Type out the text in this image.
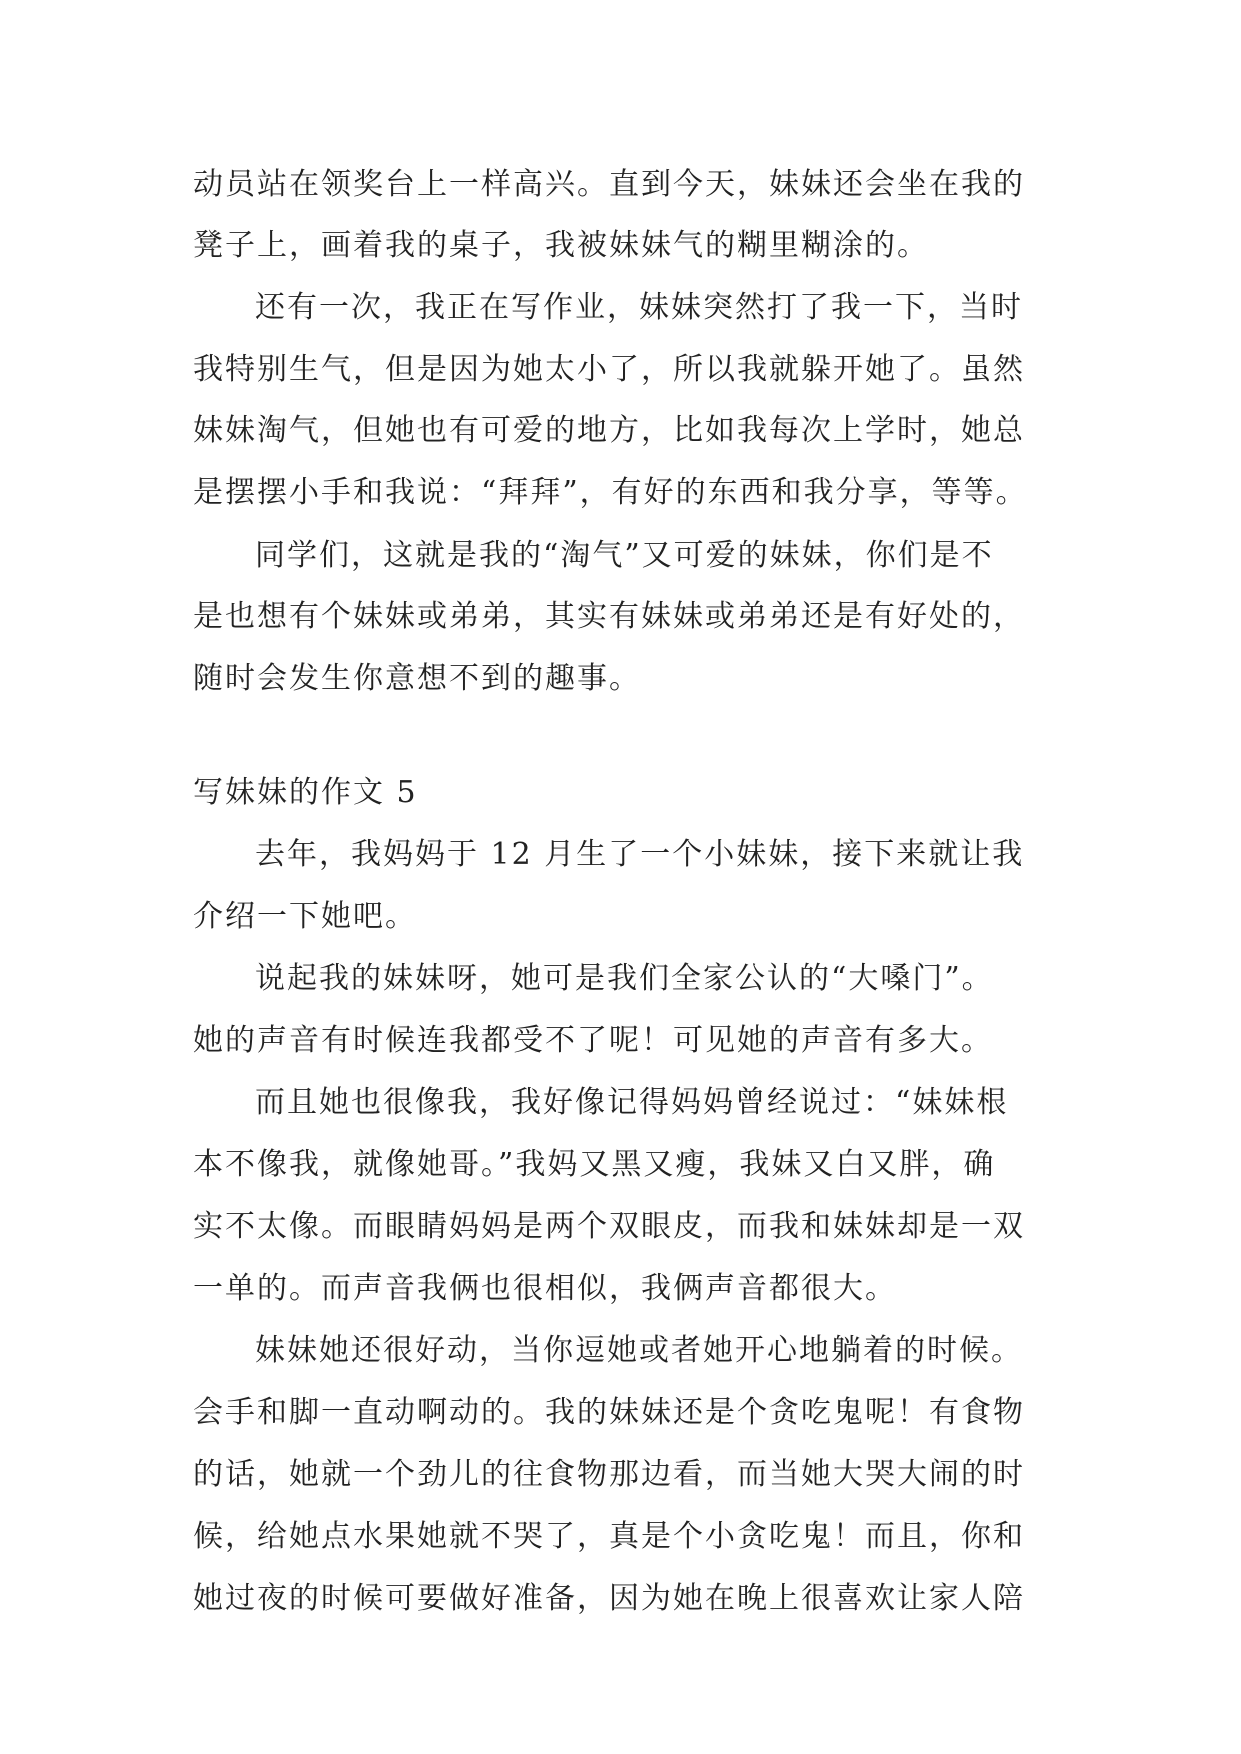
动员站在领奖台上一样高兴。直到今天，妹妹还会坐在我的
凳子上，画着我的桌子，我被妹妹气的糊里糊涂的。
还有一次，我正在写作业，妹妹突然打了我一下，当时
我特别生气，但是因为她太小了，所以我就躲开她了。虽然
妹妹淘气，但她也有可爱的地方，比如我每次上学时，她总
是摆摆小手和我说：“拜拜”，有好的东西和我分享，等等。
同学们，这就是我的“淘气”又可爱的妹妹，你们是不
是也想有个妹妹或弟弟，其实有妹妹或弟弟还是有好处的，
随时会发生你意想不到的趣事。
写妹妹的作文 5
去年，我妈妈于 12 月生了一个小妹妹，接下来就让我
介绍一下她吧。
说起我的妹妹呀，她可是我们全家公认的“大嗓门”。
她的声音有时候连我都受不了呢！可见她的声音有多大。
而且她也很像我，我好像记得妈妈曾经说过：“妹妹根
本不像我，就像她哥。”我妈又黑又瘦，我妹又白又胖，确
实不太像。而眼睛妈妈是两个双眼皮，而我和妹妹却是一双
一单的。而声音我俩也很相似，我俩声音都很大。
妹妹她还很好动，当你逗她或者她开心地躺着的时候。
会手和脚一直动啊动的。我的妹妹还是个贪吃鬼呢！有食物
的话，她就一个劲儿的往食物那边看，而当她大哭大闹的时
候，给她点水果她就不哭了，真是个小贪吃鬼！而且，你和
她过夜的时候可要做好准备，因为她在晚上很喜欢让家人陪
